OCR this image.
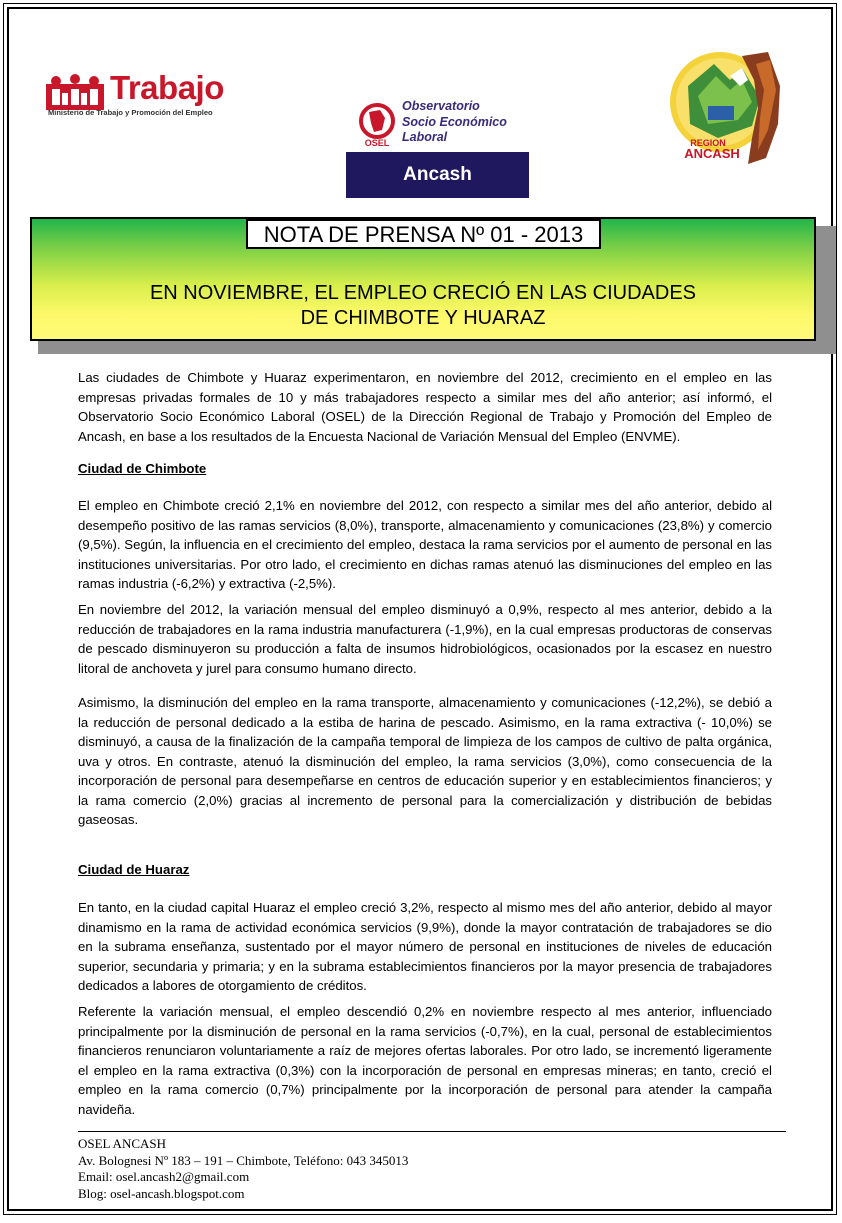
Trabajo
Ministerio de Trabajo y Promoción del Empleo
OSEL
Observatorio
Socio Económico
Laboral
Ancash
REGION
ANCASH
NOTA DE PRENSA Nº 01 - 2013
EN NOVIEMBRE, EL EMPLEO CRECIÓ EN LAS CIUDADES
DE CHIMBOTE Y HUARAZ
Las ciudades de Chimbote y Huaraz experimentaron, en noviembre del 2012, crecimiento en el empleo en las empresas privadas formales de 10 y más trabajadores respecto a similar mes del año anterior; así informó, el Observatorio Socio Económico Laboral (OSEL) de la Dirección Regional de Trabajo y Promoción del Empleo de Ancash, en base a los resultados de la Encuesta Nacional de Variación Mensual del Empleo (ENVME).
Ciudad de Chimbote
El empleo en Chimbote creció 2,1% en noviembre del 2012, con respecto a similar mes del año anterior, debido al desempeño positivo de las ramas servicios (8,0%), transporte, almacenamiento y comunicaciones (23,8%) y comercio (9,5%). Según, la influencia en el crecimiento del empleo, destaca la rama servicios por el aumento de personal en las instituciones universitarias. Por otro lado, el crecimiento en dichas ramas atenuó las disminuciones del empleo en las ramas industria (-6,2%) y extractiva (-2,5%).
En noviembre del 2012, la variación mensual del empleo disminuyó a 0,9%, respecto al mes anterior, debido a la reducción de trabajadores en la rama industria manufacturera (-1,9%), en la cual empresas productoras de conservas de pescado disminuyeron su producción a falta de insumos hidrobiológicos, ocasionados por la escasez en nuestro litoral de anchoveta y jurel para consumo humano directo.
Asimismo, la disminución del empleo en la rama transporte, almacenamiento y comunicaciones (-12,2%), se debió a la reducción de personal dedicado a la estiba de harina de pescado. Asimismo, en la rama extractiva (- 10,0%) se disminuyó, a causa de la finalización de la campaña temporal de limpieza de los campos de cultivo de palta orgánica, uva y otros. En contraste, atenuó la disminución del empleo, la rama servicios (3,0%), como consecuencia de la incorporación de personal para desempeñarse en centros de educación superior y en establecimientos financieros; y la rama comercio (2,0%) gracias al incremento de personal para la comercialización y distribución de bebidas gaseosas.
Ciudad de Huaraz
En tanto, en la ciudad capital Huaraz el empleo creció 3,2%, respecto al mismo mes del año anterior, debido al mayor dinamismo en la rama de actividad económica servicios (9,9%), donde la mayor contratación de trabajadores se dio en la subrama enseñanza, sustentado por el mayor número de personal en instituciones de niveles de educación superior, secundaria y primaria; y en la subrama establecimientos financieros por la mayor presencia de trabajadores dedicados a labores de otorgamiento de créditos.
Referente la variación mensual, el empleo descendió 0,2% en noviembre respecto al mes anterior, influenciado principalmente por la disminución de personal en la rama servicios (-0,7%), en la cual, personal de establecimientos financieros renunciaron voluntariamente a raíz de mejores ofertas laborales. Por otro lado, se incrementó ligeramente el empleo en la rama extractiva (0,3%) con la incorporación de personal en empresas mineras; en tanto, creció el empleo en la rama comercio (0,7%) principalmente por la incorporación de personal para atender la campaña navideña.
OSEL ANCASH
Av. Bolognesi Nº 183 – 191 – Chimbote, Teléfono: 043 345013
Email: osel.ancash2@gmail.com
Blog: osel-ancash.blogspot.com
